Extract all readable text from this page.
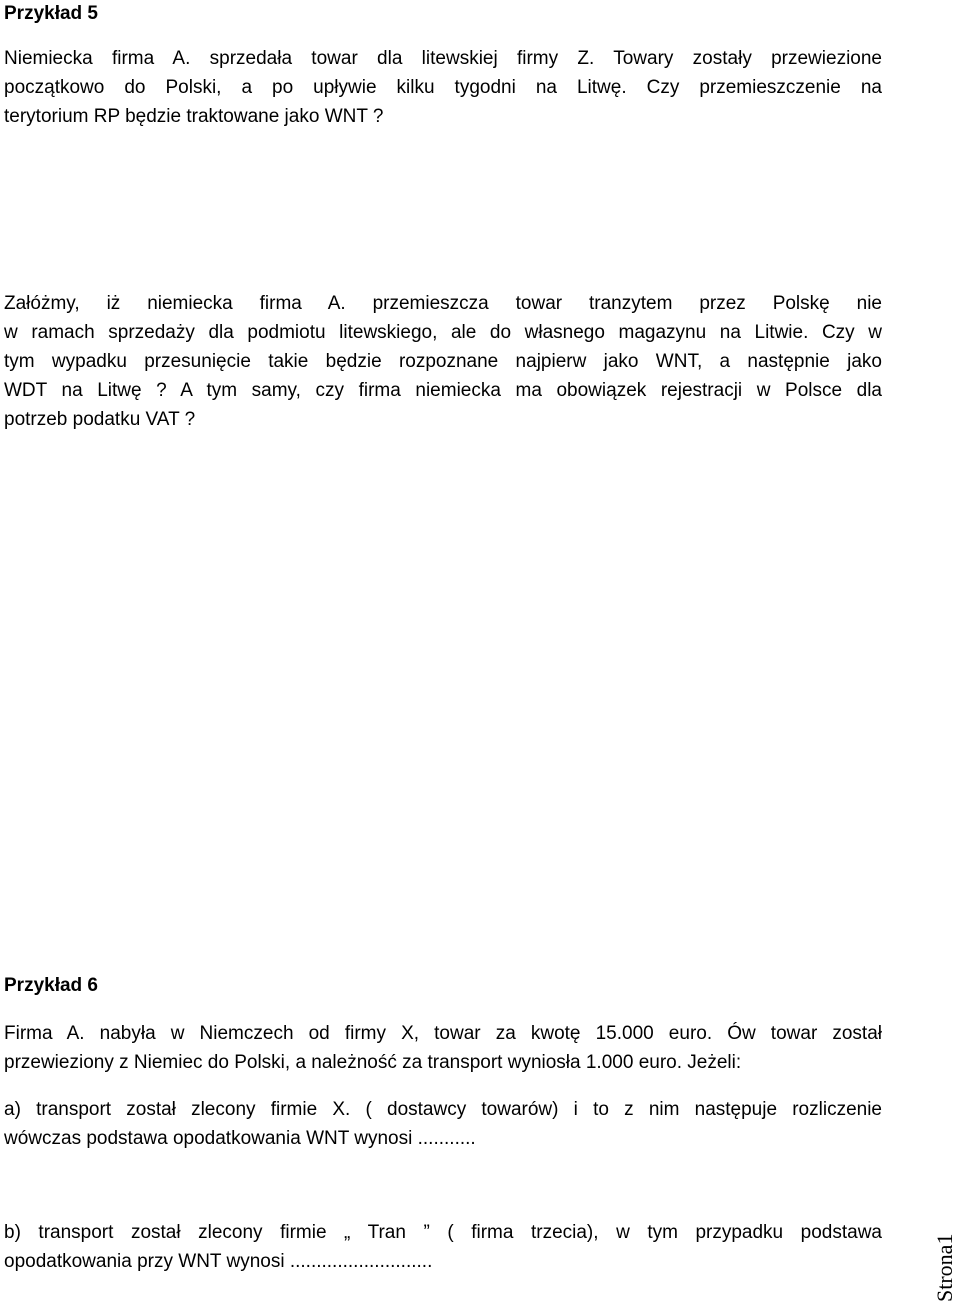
Przykład 5
Niemiecka firma A. sprzedała towar dla litewskiej firmy Z. Towary zostały przewiezione
początkowo do Polski, a po upływie kilku tygodni na Litwę. Czy przemieszczenie na
terytorium RP będzie traktowane jako WNT ?
Załóżmy, iż niemiecka firma A. przemieszcza towar tranzytem przez Polskę nie
w ramach sprzedaży dla podmiotu litewskiego, ale do własnego magazynu na Litwie. Czy w
tym wypadku przesunięcie takie będzie rozpoznane najpierw jako WNT, a następnie jako
WDT na Litwę ? A tym samy, czy firma niemiecka ma obowiązek rejestracji w Polsce dla
potrzeb podatku VAT ?
Przykład 6
Firma A. nabyła w Niemczech od firmy X, towar za kwotę 15.000 euro. Ów towar został
przewieziony z Niemiec do Polski, a należność za transport wyniosła 1.000 euro. Jeżeli:
a) transport został zlecony firmie X. ( dostawcy towarów) i to z nim następuje rozliczenie
wówczas podstawa opodatkowania WNT wynosi ...........
b) transport został zlecony firmie „ Tran ” ( firma trzecia), w tym przypadku podstawa
opodatkowania przy WNT wynosi ...........................	Strona1
